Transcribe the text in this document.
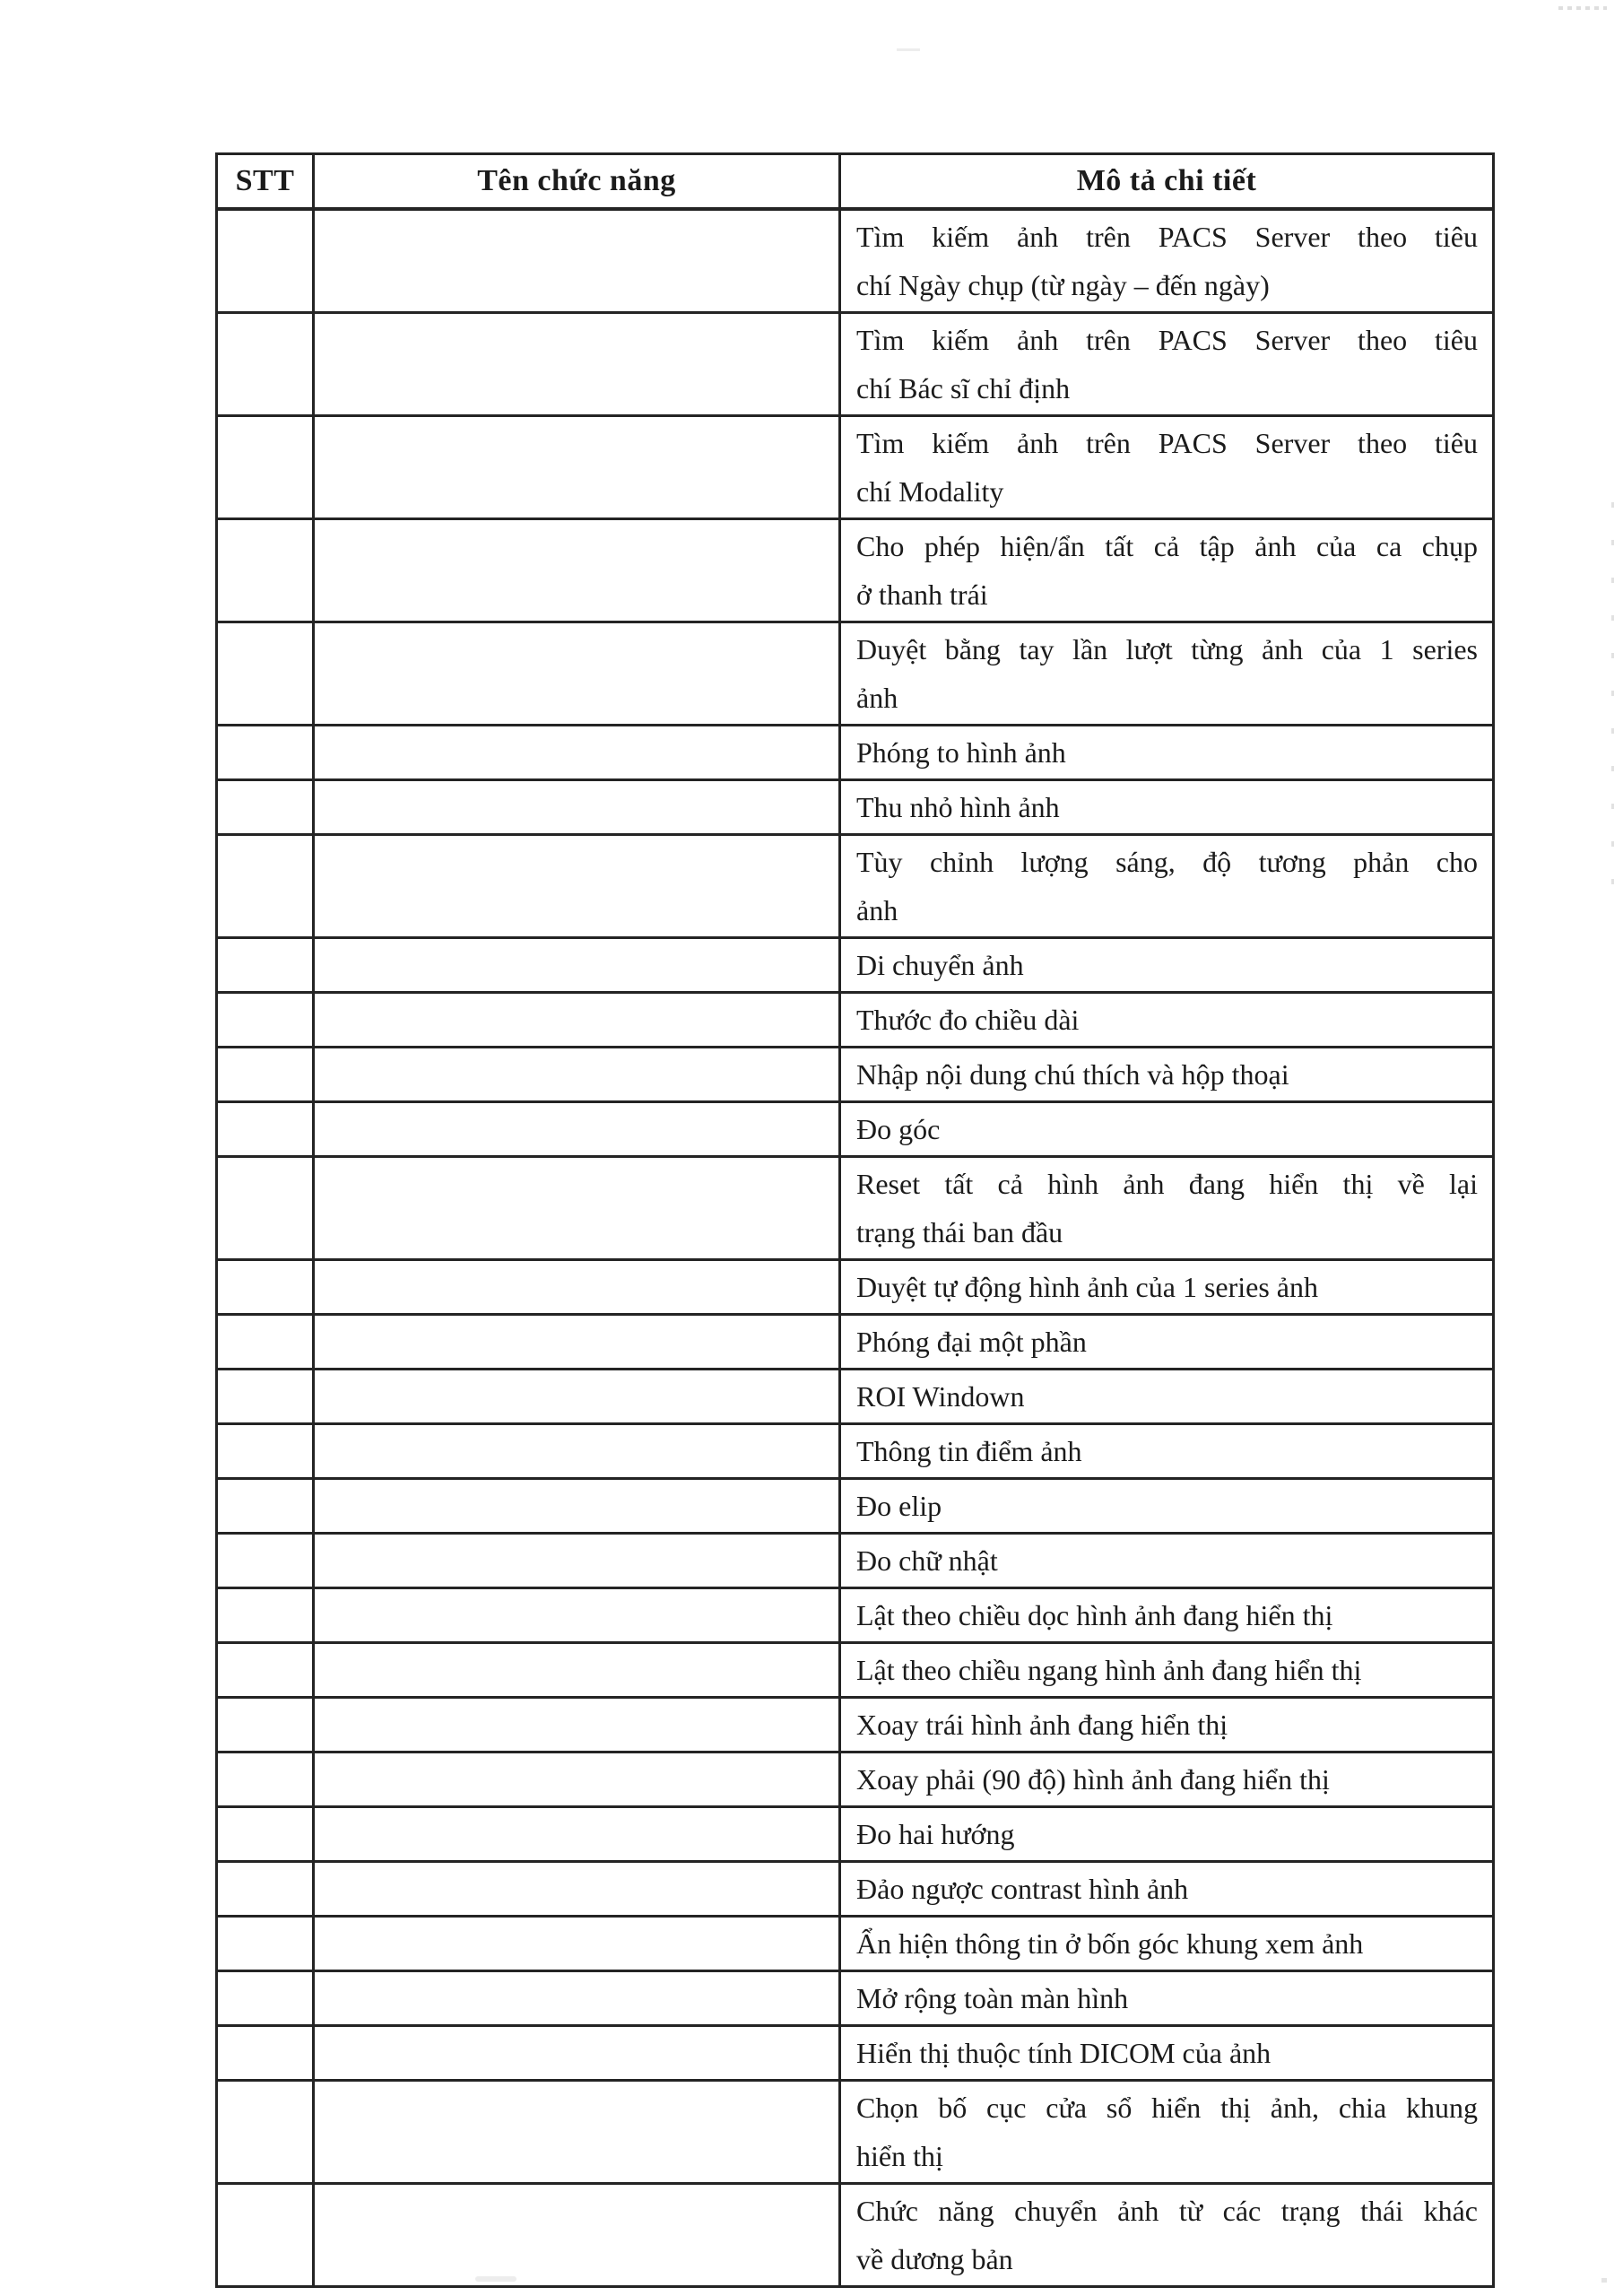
STT	Tên chức năng	Mô tả chi tiết

		Tìm kiếm ảnh trên PACS Server theo tiêu
chí Ngày chụp (từ ngày – đến ngày)

		Tìm kiếm ảnh trên PACS Server theo tiêu
chí Bác sĩ chỉ định

		Tìm kiếm ảnh trên PACS Server theo tiêu
chí Modality

		Cho phép hiện/ẩn tất cả tập ảnh của ca chụp
ở thanh trái

		Duyệt bằng tay lần lượt từng ảnh của 1 series
ảnh

		Phóng to hình ảnh

		Thu nhỏ hình ảnh

		Tùy chỉnh lượng sáng, độ tương phản cho
ảnh

		Di chuyển ảnh

		Thước đo chiều dài

		Nhập nội dung chú thích và hộp thoại

		Đo góc

		Reset tất cả hình ảnh đang hiển thị về lại
trạng thái ban đầu

		Duyệt tự động hình ảnh của 1 series ảnh

		Phóng đại một phần

		ROI Windown

		Thông tin điểm ảnh

		Đo elip

		Đo chữ nhật

		Lật theo chiều dọc hình ảnh đang hiển thị

		Lật theo chiều ngang hình ảnh đang hiển thị

		Xoay trái hình ảnh đang hiển thị

		Xoay phải (90 độ) hình ảnh đang hiển thị

		Đo hai hướng

		Đảo ngược contrast hình ảnh

		Ẩn hiện thông tin ở bốn góc khung xem ảnh

		Mở rộng toàn màn hình

		Hiển thị thuộc tính DICOM của ảnh

		Chọn bố cục cửa sổ hiển thị ảnh, chia khung
hiển thị

		Chức năng chuyển ảnh từ các trạng thái khác
về dương bản
